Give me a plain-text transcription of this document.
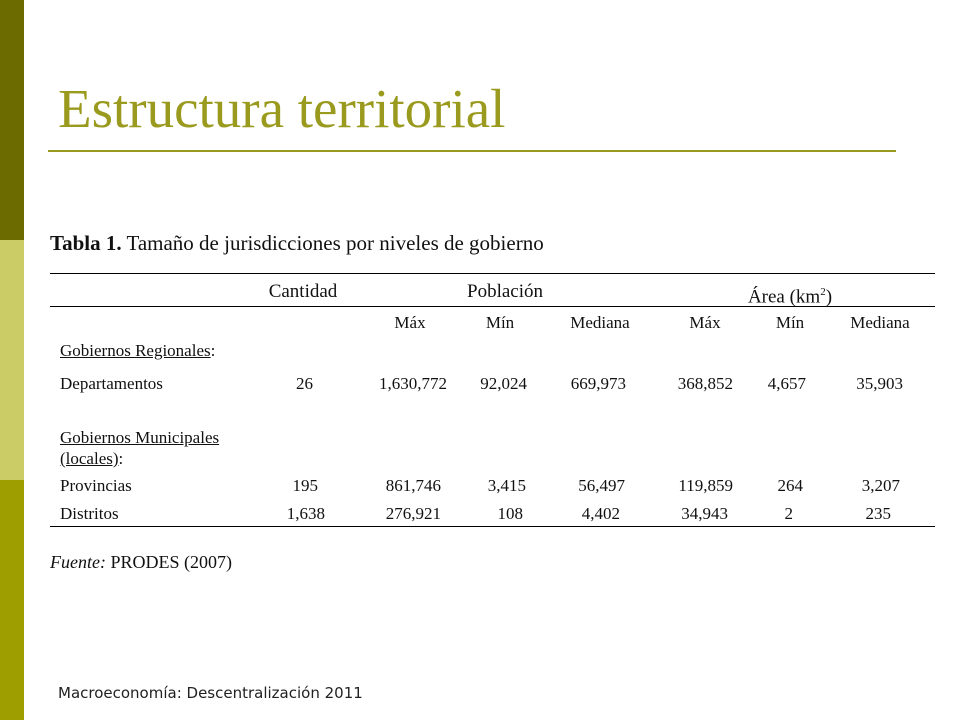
Estructura territorial
Tabla 1. Tamaño de jurisdicciones por niveles de gobierno
Cantidad	Población	Área $(km^2)$
Máx	Mín	Mediana	Máx	Mín	Mediana
Gobiernos Regionales:
Departamentos	26	1,630,772	92,024	669,973	368,852	4,657	35,903
Gobiernos Municipales
(locales):
Provincias	195	861,746	3,415	56,497	119,859	264	3,207
Distritos	1,638	276,921	108	4,402	34,943	2	235
Fuente: PRODES (2007)
Macroeconomía: Descentralización 2011
